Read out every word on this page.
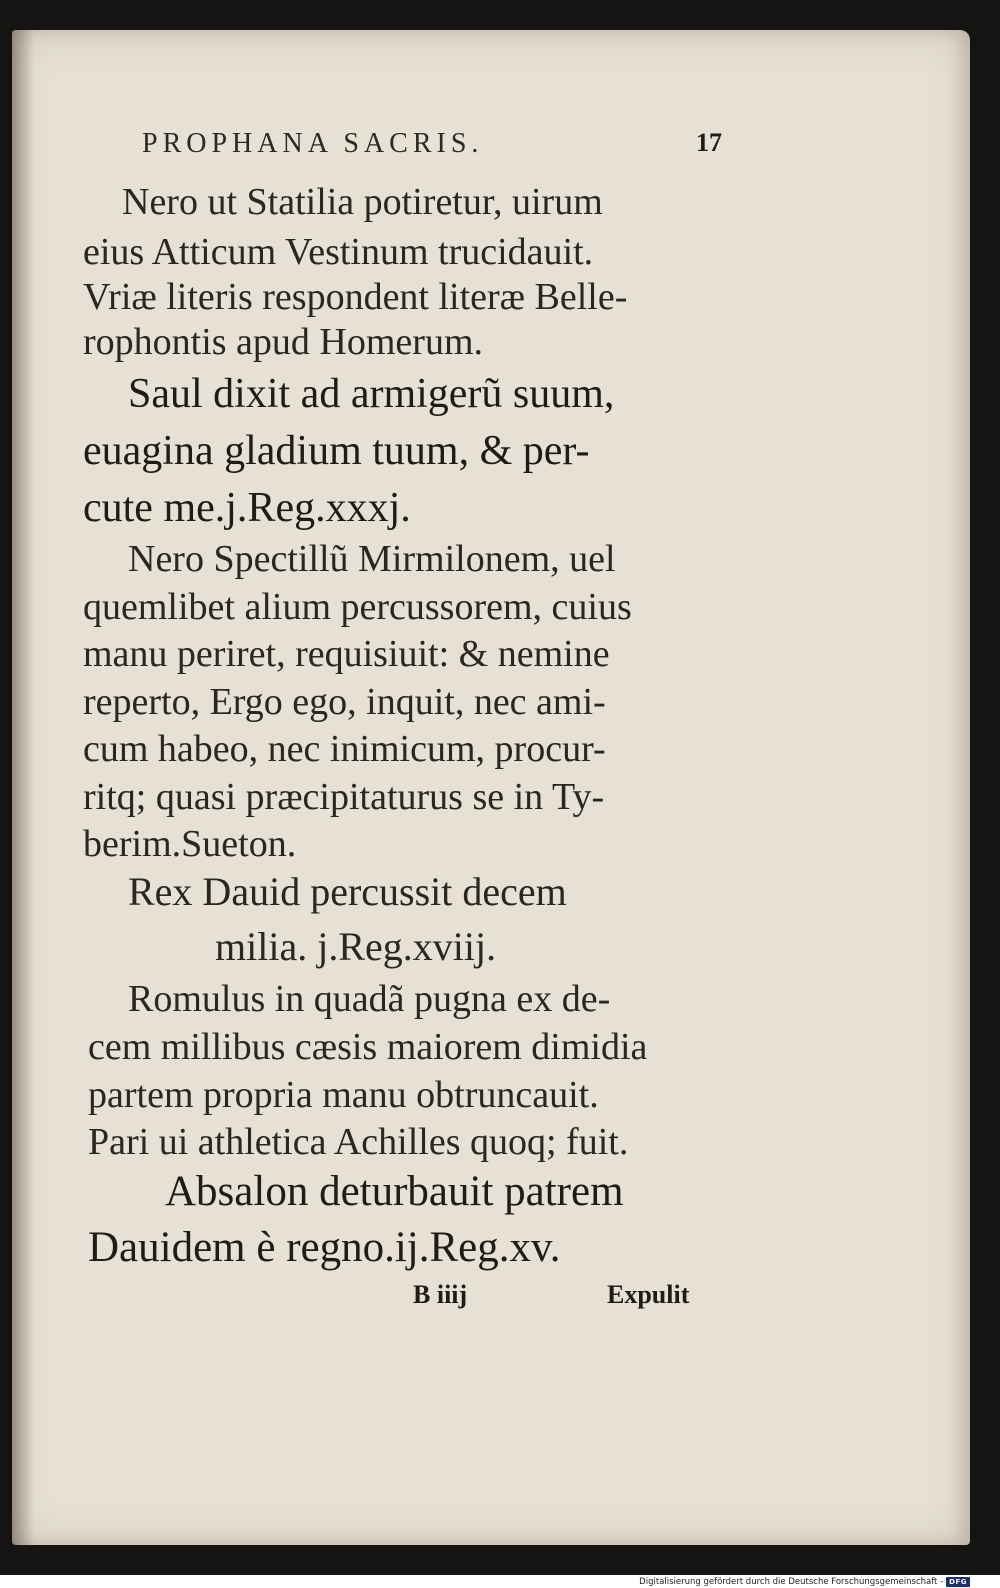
PROPHANA SACRIS.	17
Nero ut Statilia potiretur, uirum
eius Atticum Vestinum trucidauit.
Vriæ literis respondent literæ Belle-
rophontis apud Homerum.
Saul dixit ad armigerũ suum,
euagina gladium tuum, & per-
cute me.j.Reg.xxxj.
Nero Spectillũ Mirmilonem, uel
quemlibet alium percussorem, cuius
manu periret, requisiuit: & nemine
reperto, Ergo ego, inquit, nec ami-
cum habeo, nec inimicum, procur-
ritq; quasi præcipitaturus se in Ty-
berim.Sueton.
Rex Dauid percussit decem
milia. j.Reg.xviij.
Romulus in quadã pugna ex de-
cem millibus cæsis maiorem dimidia
partem propria manu obtruncauit.
Pari ui athletica Achilles quoq; fuit.
Absalon deturbauit patrem
Dauidem è regno.ij.Reg.xv.
B iiij	Expulit
Digitalisierung gefördert durch die Deutsche Forschungsgemeinschaft - DFG
